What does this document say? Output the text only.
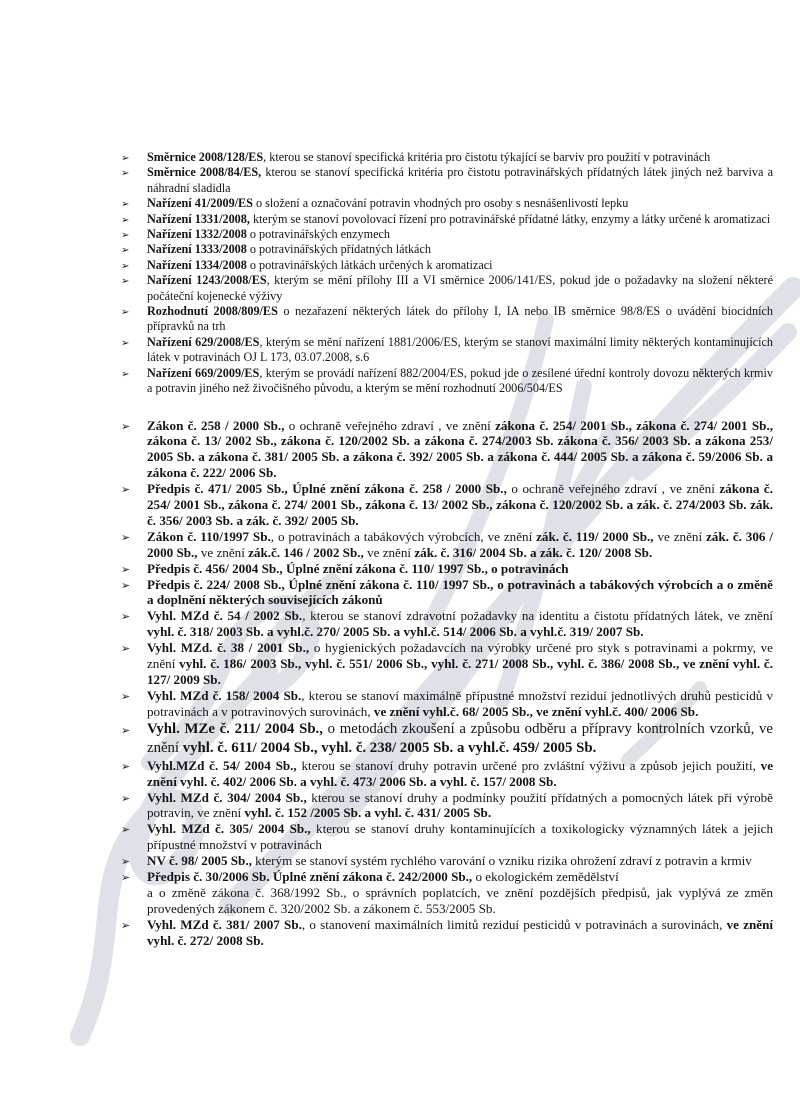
➢ Směrnice 2008/128/ES, kterou se stanoví specifická kritéria pro čistotu týkající se barviv pro použití v potravinách
➢ Směrnice 2008/84/ES, kterou se stanoví specifická kritéria pro čistotu potravinářských přídatných látek jiných než barviva a náhradní sladidla
➢ Nařízení 41/2009/ES o složení a označování potravin vhodných pro osoby s nesnášenlivostí lepku
➢ Nařízení 1331/2008, kterým se stanoví povolovací řízení pro potravinářské přídatné látky, enzymy a látky určené k aromatizaci
➢ Nařízení 1332/2008 o potravinářských enzymech
➢ Nařízení 1333/2008 o potravinářských přídatných látkách
➢ Nařízení 1334/2008 o potravinářských látkách určených k aromatizaci
➢ Nařízení 1243/2008/ES, kterým se mění přílohy III a VI směrnice 2006/141/ES, pokud jde o požadavky na složení některé počáteční kojenecké výživy
➢ Rozhodnutí 2008/809/ES o nezařazení některých látek do přílohy I, IA nebo IB směrnice 98/8/ES o uvádění biocidních přípravků na trh
➢ Nařízení 629/2008/ES, kterým se mění nařízení 1881/2006/ES, kterým se stanoví maximální limity některých kontaminujících látek v potravinách OJ L 173, 03.07.2008, s.6
➢ Nařízení 669/2009/ES, kterým se provádí nařízení 882/2004/ES, pokud jde o zesílené úřední kontroly dovozu některých krmiv a potravin jiného než živočišného původu, a kterým se mění rozhodnutí 2006/504/ES
➢ Zákon č. 258 / 2000 Sb., o ochraně veřejného zdraví , ve znění zákona č. 254/ 2001 Sb., zákona č. 274/ 2001 Sb., zákona č. 13/ 2002 Sb., zákona č. 120/2002 Sb. a zákona č. 274/2003 Sb. zákona č. 356/ 2003 Sb. a zákona 253/ 2005 Sb. a zákona č. 381/ 2005 Sb. a zákona č. 392/ 2005 Sb. a zákona č. 444/ 2005 Sb. a zákona č. 59/2006 Sb. a zákona č. 222/ 2006 Sb.
➢ Předpis č. 471/ 2005 Sb., Úplné znění zákona č. 258 / 2000 Sb., o ochraně veřejného zdraví , ve znění zákona č. 254/ 2001 Sb., zákona č. 274/ 2001 Sb., zákona č. 13/ 2002 Sb., zákona č. 120/2002 Sb. a zák. č. 274/2003 Sb. zák. č. 356/ 2003 Sb. a zák. č. 392/ 2005 Sb.
➢ Zákon č. 110/1997 Sb., o potravinách a tabákových výrobcích, ve znění zák. č. 119/ 2000 Sb., ve znění zák. č. 306 / 2000 Sb., ve znění zák.č. 146 / 2002 Sb., ve znění zák. č. 316/ 2004 Sb. a zák. č. 120/ 2008 Sb.
➢ Předpis č. 456/ 2004 Sb., Úplné znění zákona č. 110/ 1997 Sb., o potravinách
➢ Předpis č. 224/ 2008 Sb., Úplné znění zákona č. 110/ 1997 Sb., o potravinách a tabákových výrobcích a o změně a doplnění některých souvisejících zákonů
➢ Vyhl. MZd č. 54 / 2002 Sb., kterou se stanoví zdravotní požadavky na identitu a čistotu přídatných látek, ve znění vyhl. č. 318/ 2003 Sb. a vyhl.č. 270/ 2005 Sb. a vyhl.č. 514/ 2006 Sb. a vyhl.č. 319/ 2007 Sb.
➢ Vyhl. MZd. č. 38 / 2001 Sb., o hygienických požadavcích na výrobky určené pro styk s potravinami a pokrmy, ve znění vyhl. č. 186/ 2003 Sb., vyhl. č. 551/ 2006 Sb., vyhl. č. 271/ 2008 Sb., vyhl. č. 386/ 2008 Sb., ve znění vyhl. č. 127/ 2009 Sb.
➢ Vyhl. MZd č. 158/ 2004 Sb., kterou se stanoví maximálně přípustné množství reziduí jednotlivých druhů pesticidů v potravinách a v potravinových surovinách, ve znění vyhl.č. 68/ 2005 Sb., ve znění vyhl.č. 400/ 2006 Sb.
➢ Vyhl. MZe č. 211/ 2004 Sb., o metodách zkoušení a způsobu odběru a přípravy kontrolních vzorků, ve znění vyhl. č. 611/ 2004 Sb., vyhl. č. 238/ 2005 Sb. a vyhl.č. 459/ 2005 Sb.
➢ Vyhl.MZd č. 54/ 2004 Sb., kterou se stanoví druhy potravin určené pro zvláštní výživu a způsob jejich použití, ve znění vyhl. č. 402/ 2006 Sb. a vyhl. č. 473/ 2006 Sb. a vyhl. č. 157/ 2008 Sb.
➢ Vyhl. MZd č. 304/ 2004 Sb., kterou se stanoví druhy a podmínky použití přídatných a pomocných látek při výrobě potravin, ve znění vyhl. č. 152 /2005 Sb. a vyhl. č. 431/ 2005 Sb.
➢ Vyhl. MZd č. 305/ 2004 Sb., kterou se stanoví druhy kontaminujících a toxikologicky významných látek a jejich přípustné množství v potravinách
➢ NV č. 98/ 2005 Sb., kterým se stanoví systém rychlého varování o vzniku rizika ohrožení zdraví z potravin a krmiv
➢ Předpis č. 30/2006 Sb. Úplné znění zákona č. 242/2000 Sb., o ekologickém zemědělství
a o změně zákona č. 368/1992 Sb., o správních poplatcích, ve znění pozdějších předpisů, jak vyplývá ze změn provedených zákonem č. 320/2002 Sb. a zákonem č. 553/2005 Sb.
➢ Vyhl. MZd č. 381/ 2007 Sb., o stanovení maximálních limitů reziduí pesticidů v potravinách a surovinách, ve znění vyhl. č. 272/ 2008 Sb.
